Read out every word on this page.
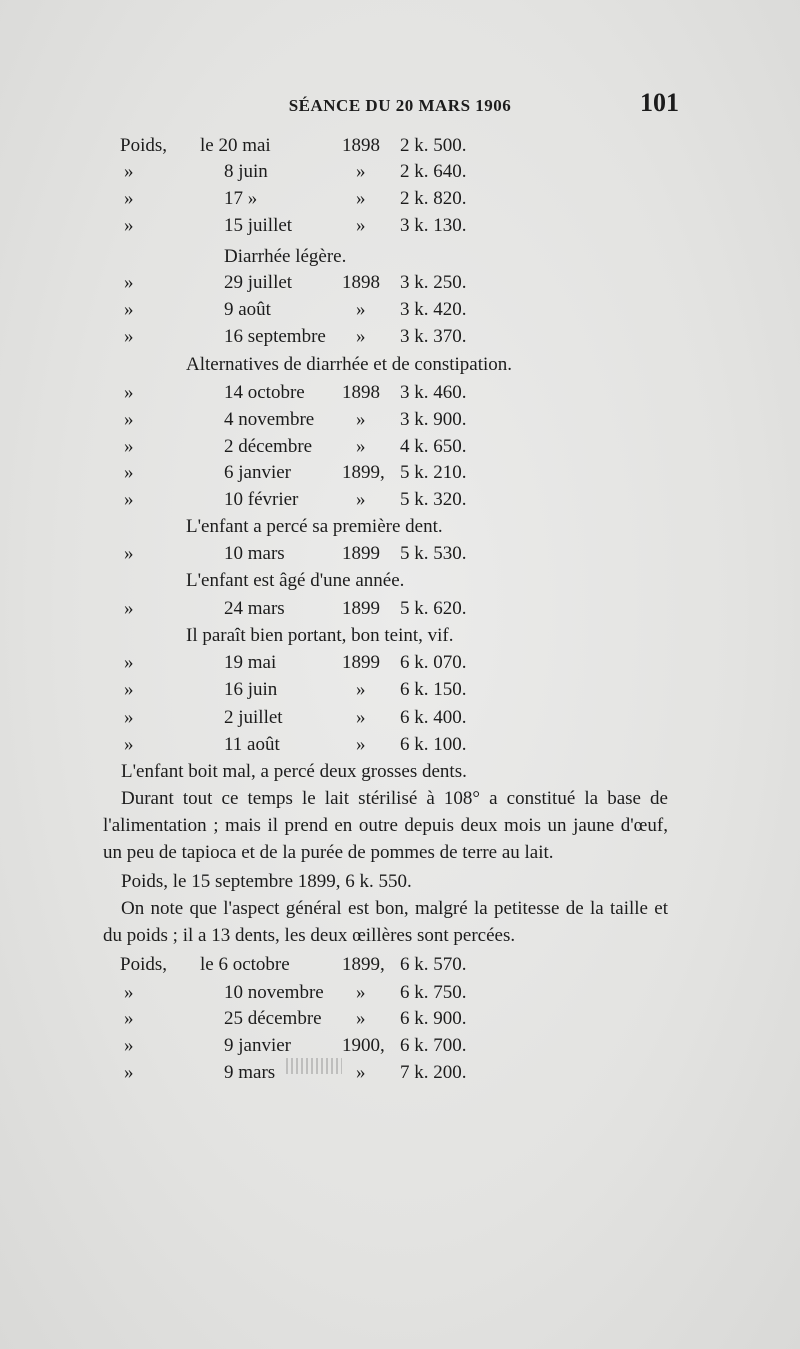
SÉANCE DU 20 MARS 1906	101
Poids, le 20 mai	1898 2 k. 500.
»	8 juin	» 2 k. 640.
»	17 »	» 2 k. 820.
»	15 juillet	» 3 k. 130.
Diarrhée légère.
»	29 juillet	1898 3 k. 250.
»	9 août	» 3 k. 420.
»	16 septembre » 3 k. 370.
Alternatives de diarrhée et de constipation.
»	14 octobre 1898 3 k. 460.
»	4 novembre » 3 k. 900.
»	2 décembre » 4 k. 650.
»	6 janvier	1899, 5 k. 210.
»	10 février	» 5 k. 320.
L'enfant a percé sa première dent.
»	10 mars	1899 5 k. 530.
L'enfant est âgé d'une année.
»	24 mars	1899 5 k. 620.
Il paraît bien portant, bon teint, vif.
»	19 mai	1899 6 k. 070.
»	16 juin	» 6 k. 150.
»	2 juillet	» 6 k. 400.
»	11 août	» 6 k. 100.
Poids, le 6 octobre	1899, 6 k. 570.
»	10 novembre » 6 k. 750.
»	25 décembre » 6 k. 900.
»	9 janvier	1900, 6 k. 700.
»	9 mars	» 7 k. 200.
L'enfant boit mal, a percé deux grosses dents.
Durant tout ce temps le lait stérilisé à 108° a constitué la base de l'alimentation ; mais il prend en outre depuis deux mois un jaune d'œuf, un peu de tapioca et de la purée de pommes de terre au lait.
Poids, le 15 septembre 1899, 6 k. 550.
On note que l'aspect général est bon, malgré la petitesse de la taille et du poids ; il a 13 dents, les deux œillères sont percées.
